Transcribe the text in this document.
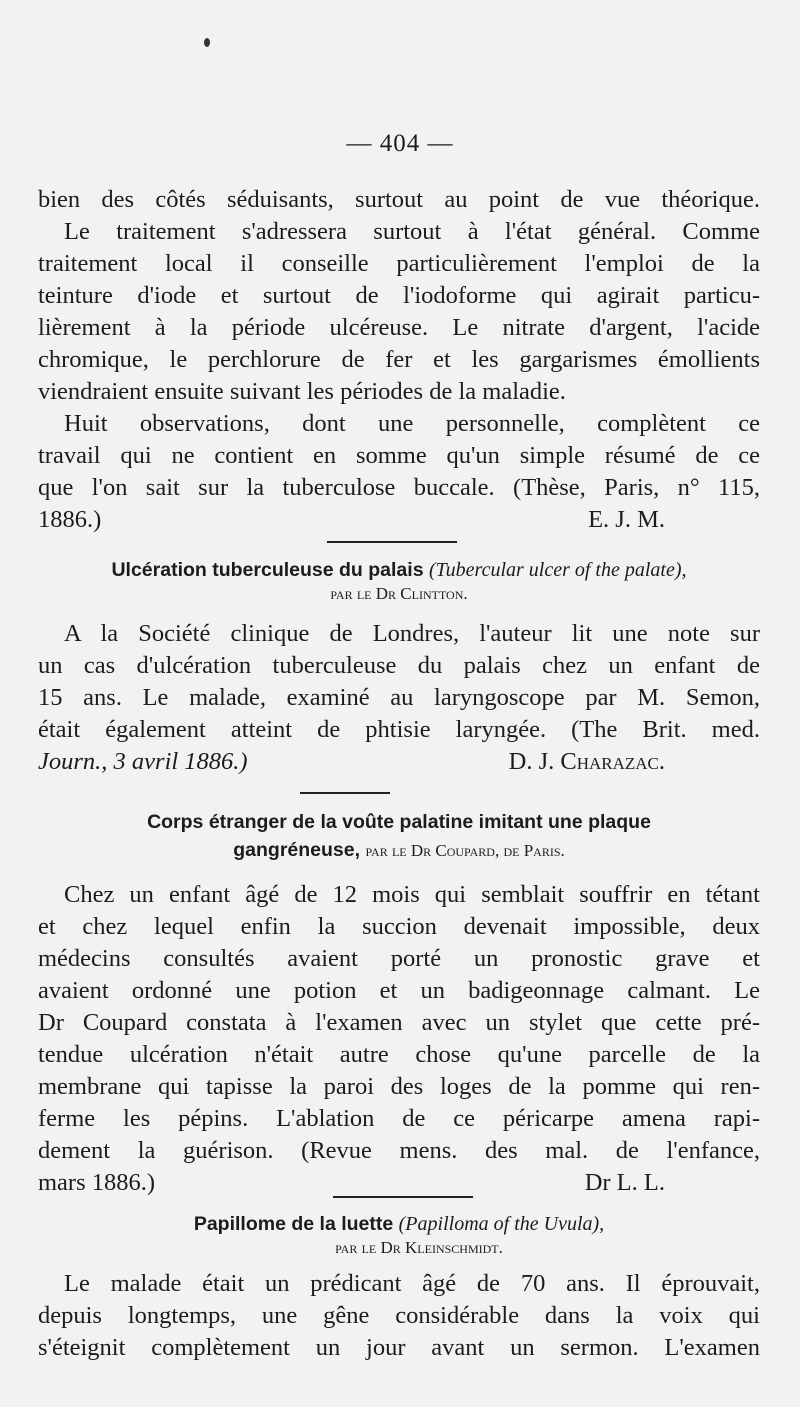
— 404 —

bien des côtés séduisants, surtout au point de vue théorique.
Le traitement s'adressera surtout à l'état général. Comme
traitement local il conseille particulièrement l'emploi de la
teinture d'iode et surtout de l'iodoforme qui agirait particu-
lièrement à la période ulcéreuse. Le nitrate d'argent, l'acide
chromique, le perchlorure de fer et les gargarismes émollients
viendraient ensuite suivant les périodes de la maladie.
Huit observations, dont une personnelle, complètent ce
travail qui ne contient en somme qu'un simple résumé de ce
que l'on sait sur la tuberculose buccale. (Thèse, Paris, n° 115,
1886.)	E. J. M.

Ulcération tuberculeuse du palais (Tubercular ulcer of the palate),
par le Dr Clintton.

A la Société clinique de Londres, l'auteur lit une note sur
un cas d'ulcération tuberculeuse du palais chez un enfant de
15 ans. Le malade, examiné au laryngoscope par M. Semon,
était également atteint de phtisie laryngée. (The Brit. med.
Journ., 3 avril 1886.)	D. J. Charazac.

Corps étranger de la voûte palatine imitant une plaque
gangréneuse, par le Dr Coupard, de Paris.

Chez un enfant âgé de 12 mois qui semblait souffrir en tétant
et chez lequel enfin la succion devenait impossible, deux
médecins consultés avaient porté un pronostic grave et
avaient ordonné une potion et un badigeonnage calmant. Le
Dr Coupard constata à l'examen avec un stylet que cette pré-
tendue ulcération n'était autre chose qu'une parcelle de la
membrane qui tapisse la paroi des loges de la pomme qui ren-
ferme les pépins. L'ablation de ce péricarpe amena rapi-
dement la guérison. (Revue mens. des mal. de l'enfance,
mars 1886.)	Dr L. L.

Papillome de la luette (Papilloma of the Uvula),
par le Dr Kleinschmidt.

Le malade était un prédicant âgé de 70 ans. Il éprouvait,
depuis longtemps, une gêne considérable dans la voix qui
s'éteignit complètement un jour avant un sermon. L'examen
